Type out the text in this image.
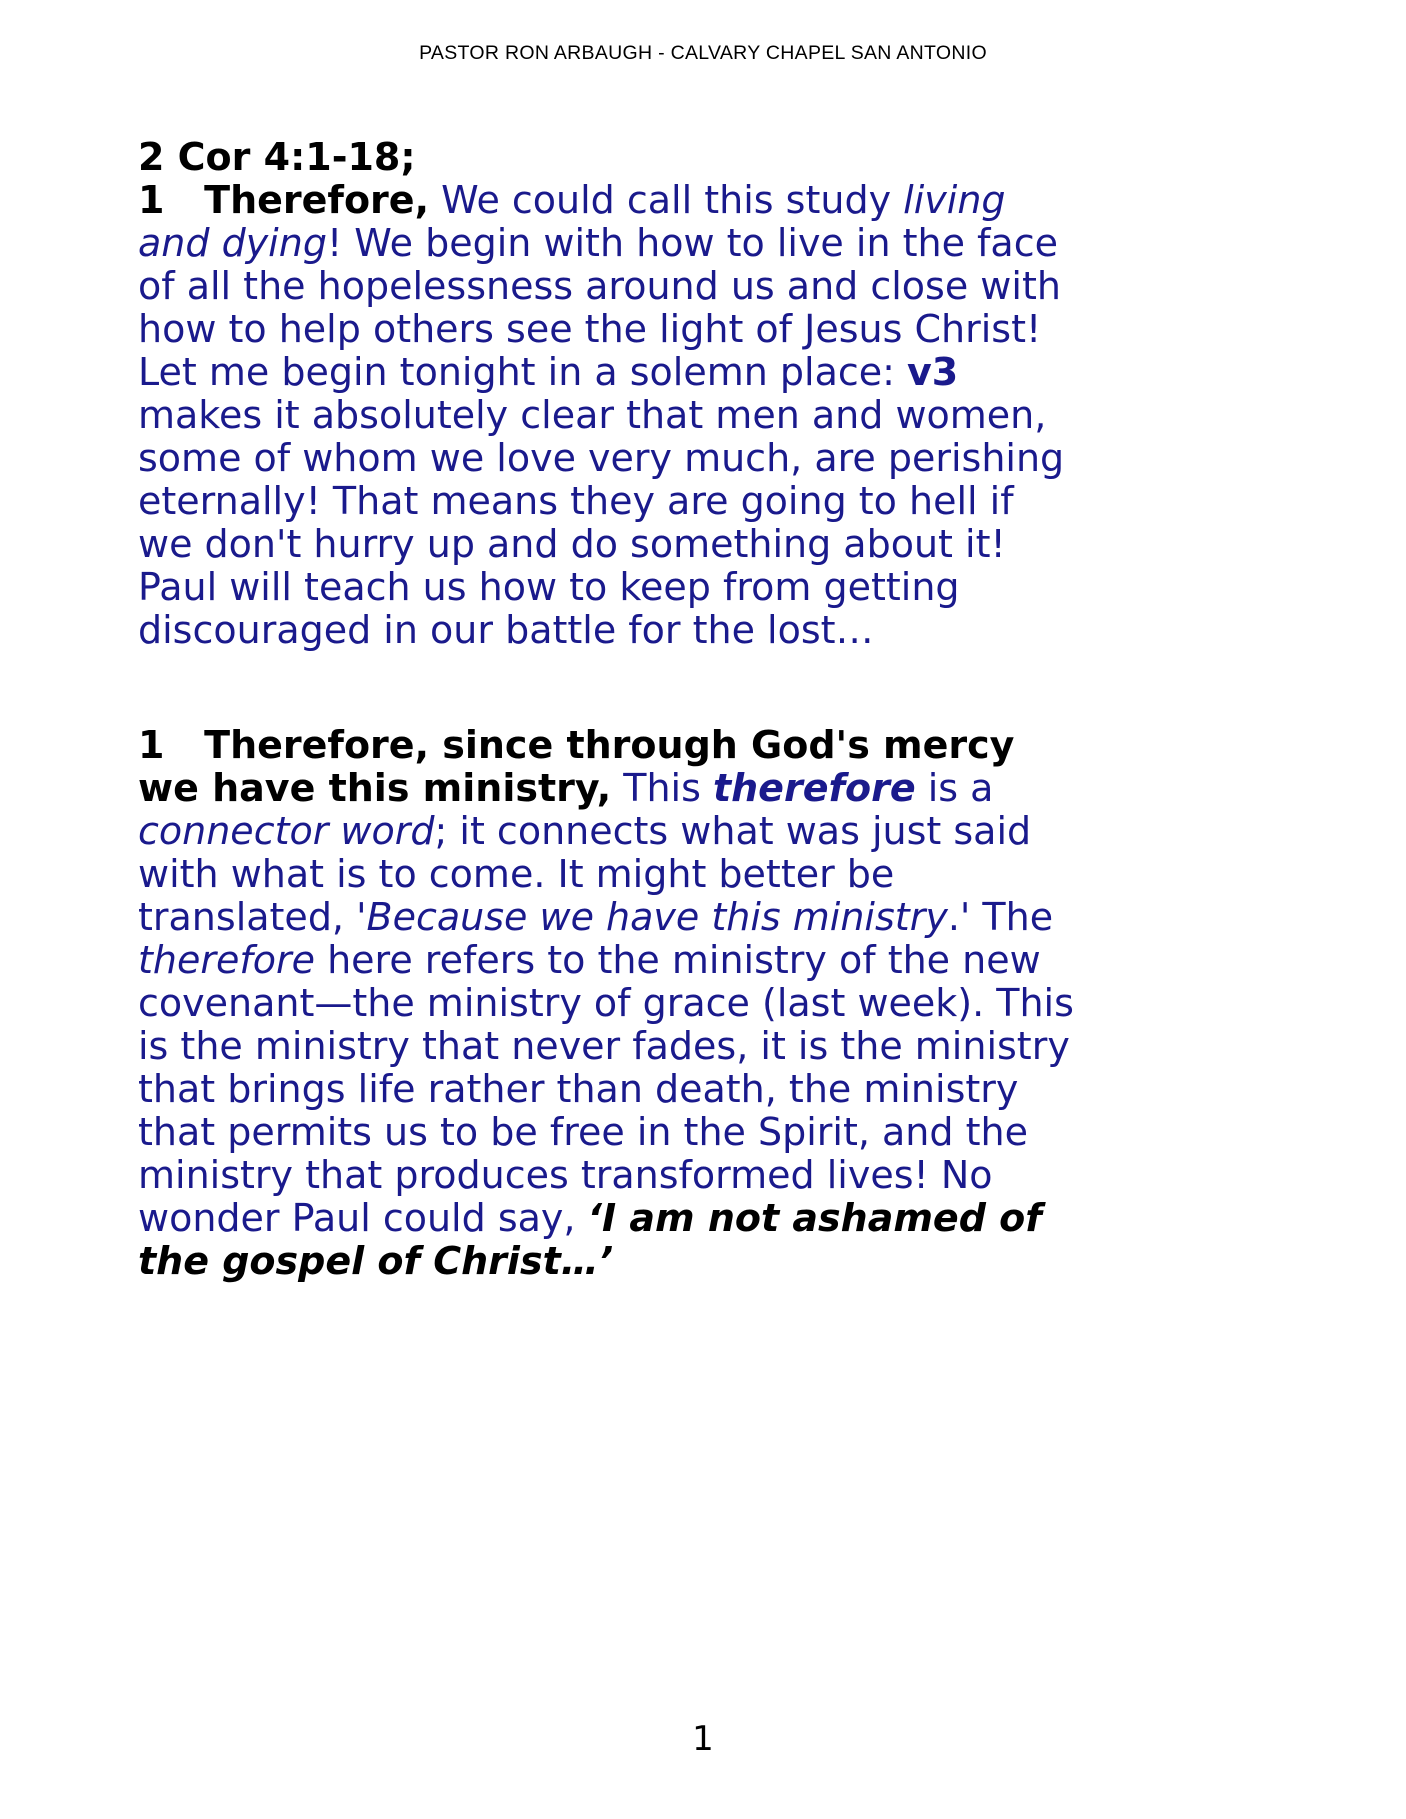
PASTOR RON ARBAUGH - CALVARY CHAPEL SAN ANTONIO

2 Cor 4:1-18;

1 Therefore, We could call this study living and dying! We begin with how to live in the face of all the hopelessness around us and close with how to help others see the light of Jesus Christ! Let me begin tonight in a solemn place: v3 makes it absolutely clear that men and women, some of whom we love very much, are perishing eternally! That means they are going to hell if we don't hurry up and do something about it! Paul will teach us how to keep from getting discouraged in our battle for the lost…

1 Therefore, since through God's mercy we have this ministry, This therefore is a connector word; it connects what was just said with what is to come. It might better be translated, 'Because we have this ministry.' The therefore here refers to the ministry of the new covenant—the ministry of grace (last week). This is the ministry that never fades, it is the ministry that brings life rather than death, the ministry that permits us to be free in the Spirit, and the ministry that produces transformed lives! No wonder Paul could say, ‘I am not ashamed of the gospel of Christ…’

1
